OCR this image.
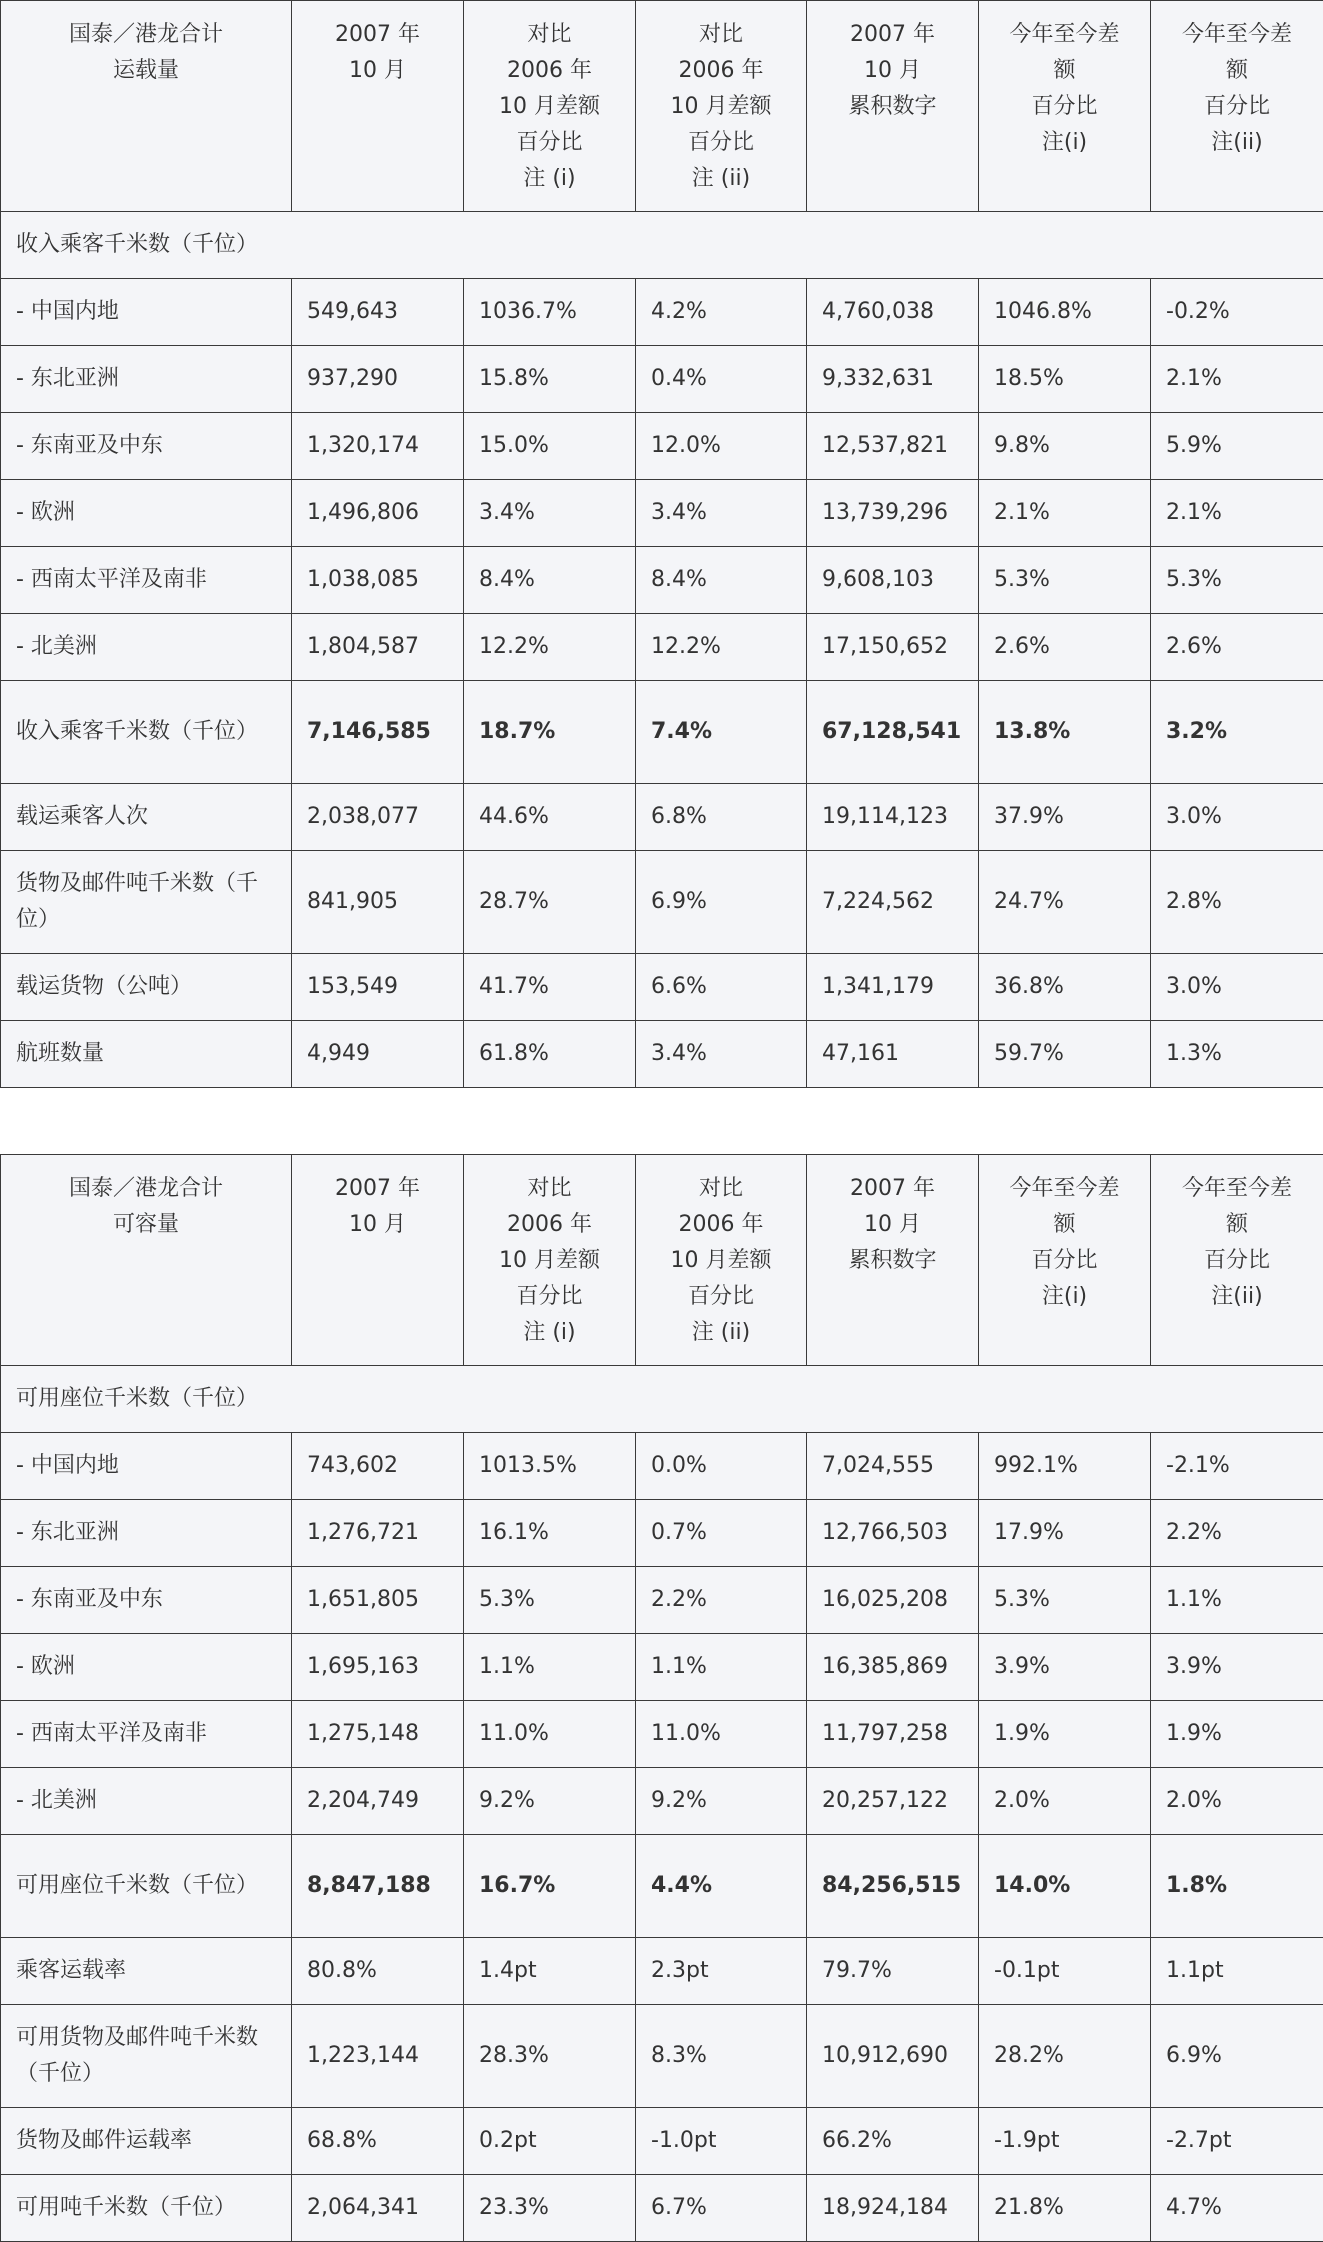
国泰／港龙合计
运载量	2007 年
10 月	对比
2006 年
10 月差额
百分比
注 (i)	对比
2006 年
10 月差额
百分比
注 (ii)	2007 年
10 月
累积数字	今年至今差
额
百分比
注(i)	今年至今差
额
百分比
注(ii)

收入乘客千米数（千位）						
- 中国内地	549,643	1036.7%	4.2%	4,760,038	1046.8%	-0.2%
- 东北亚洲	937,290	15.8%	0.4%	9,332,631	18.5%	2.1%
- 东南亚及中东	1,320,174	15.0%	12.0%	12,537,821	9.8%	5.9%
- 欧洲	1,496,806	3.4%	3.4%	13,739,296	2.1%	2.1%
- 西南太平洋及南非	1,038,085	8.4%	8.4%	9,608,103	5.3%	5.3%
- 北美洲	1,804,587	12.2%	12.2%	17,150,652	2.6%	2.6%
收入乘客千米数（千位）	7,146,585	18.7%	7.4%	67,128,541	13.8%	3.2%
载运乘客人次	2,038,077	44.6%	6.8%	19,114,123	37.9%	3.0%
货物及邮件吨千米数（千位）	841,905	28.7%	6.9%	7,224,562	24.7%	2.8%
载运货物（公吨）	153,549	41.7%	6.6%	1,341,179	36.8%	3.0%
航班数量	4,949	61.8%	3.4%	47,161	59.7%	1.3%
国泰／港龙合计
可容量	2007 年
10 月	对比
2006 年
10 月差额
百分比
注 (i)	对比
2006 年
10 月差额
百分比
注 (ii)	2007 年
10 月
累积数字	今年至今差
额
百分比
注(i)	今年至今差
额
百分比
注(ii)

可用座位千米数（千位）						
- 中国内地	743,602	1013.5%	0.0%	7,024,555	992.1%	-2.1%
- 东北亚洲	1,276,721	16.1%	0.7%	12,766,503	17.9%	2.2%
- 东南亚及中东	1,651,805	5.3%	2.2%	16,025,208	5.3%	1.1%
- 欧洲	1,695,163	1.1%	1.1%	16,385,869	3.9%	3.9%
- 西南太平洋及南非	1,275,148	11.0%	11.0%	11,797,258	1.9%	1.9%
- 北美洲	2,204,749	9.2%	9.2%	20,257,122	2.0%	2.0%
可用座位千米数（千位）	8,847,188	16.7%	4.4%	84,256,515	14.0%	1.8%
乘客运载率	80.8%	1.4pt	2.3pt	79.7%	-0.1pt	1.1pt
可用货物及邮件吨千米数（千位）	1,223,144	28.3%	8.3%	10,912,690	28.2%	6.9%
货物及邮件运载率	68.8%	0.2pt	-1.0pt	66.2%	-1.9pt	-2.7pt
可用吨千米数（千位）	2,064,341	23.3%	6.7%	18,924,184	21.8%	4.7%
